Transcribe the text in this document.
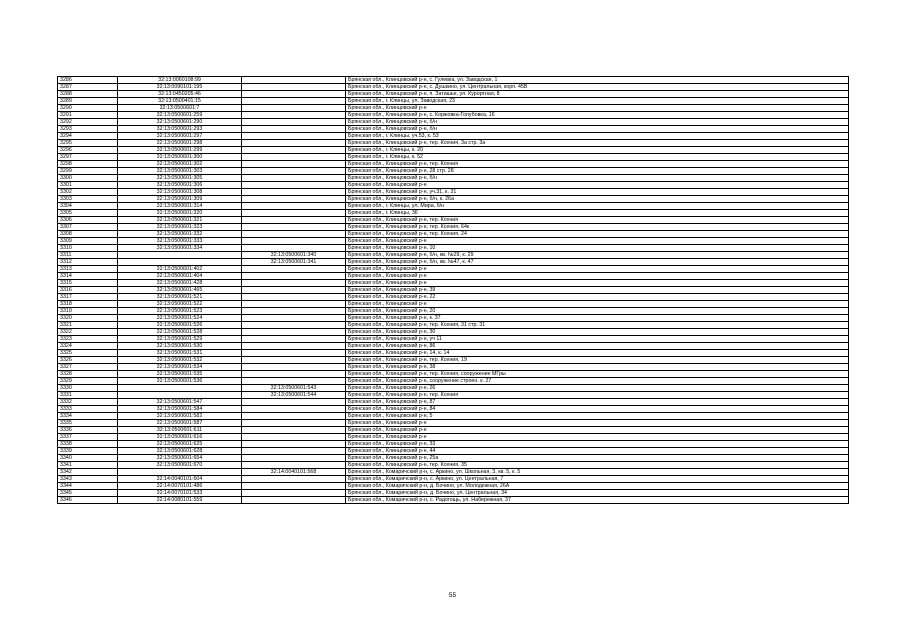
3286	32:13:0060108:99		Брянская обл., Клинцовский р-н, с. Гулевка, ул. Заводская, 1
3287	32:13:0090101:195		Брянская обл., Клинцовский р-н, с. Душкино, ул. Центральная, корп. 45В
3288	32:13:0450205:46		Брянская обл., Клинцовский р-н, п. Затишье, ул. Курортная, 8
3289	32:13:0500401:15		Брянская обл., г. Клинцы, ул. Заводская, 23
3290	32:13:0500601:7		Брянская обл., Клинцовский р-н
3291	32:13:0500601:259		Брянская обл., Клинцовский р-н, с. Коржовка-Голубовка, 16
3292	32:13:0500601:290		Брянская обл., Клинцовский р-н, б/н
3293	32:13:0500601:293		Брянская обл., Клинцовский р-н, б/н
3294	32:13:0500601:297		Брянская обл., г. Клинцы, уч.53, к. 53
3295	32:13:0500601:298		Брянская обл., Клинцовский р-н, тер. Ксения, 3а стр. 3а
3296	32:13:0500601:299		Брянская обл., г. Клинцы, к. 20
3297	32:13:0500601:300		Брянская обл., г. Клинцы, к. 52
3298	32:13:0500601:302		Брянская обл., Клинцовский р-н, тер. Ксения
3299	32:13:0500601:303		Брянская обл., Клинцовский р-н, 28 стр. 28
3300	32:13:0500601:305		Брянская обл., Клинцовский р-н, б/н
3301	32:13:0500601:306		Брянская обл., Клинцовский р-н
3302	32:13:0500601:308		Брянская обл., Клинцовский р-н, уч.31, к. 31
3303	32:13:0500601:309		Брянская обл., Клинцовский р-н, б/н, к. 26а
3304	32:13:0500601:314		Брянская обл., г. Клинцы, ул. Мира, б/н
3305	32:13:0500601:320		Брянская обл., г. Клинцы, 36
3306	32:13:0500601:321		Брянская обл., Клинцовский р-н, тер. Ксения
3307	32:13:0500601:323		Брянская обл., Клинцовский р-н, тер. Ксения, 64к
3308	32:13:0500601:332		Брянская обл., Клинцовский р-н, тер. Ксения, 24
3309	32:13:0500601:333		Брянская обл., Клинцовский р-н
3310	32:13:0500601:334		Брянская обл., Клинцовский р-н, 10
3311		32:13:0500601:340	Брянская обл., Клинцовский р-н, б/н, кв. №29, к. 29
3312		32:13:0500601:341	Брянская обл., Клинцовский р-н, б/н, кв. №47, к. 47
3313	32:13:0500601:402		Брянская обл., Клинцовский р-н
3314	32:13:0500601:404		Брянская обл., Клинцовский р-н
3315	32:13:0500601:428		Брянская обл., Клинцовский р-н
3316	32:13:0500601:465		Брянская обл., Клинцовский р-н, 39
3317	32:13:0500601:521		Брянская обл., Клинцовский р-н, 22
3318	32:13:0500601:522		Брянская обл., Клинцовский р-н
3319	32:13:0500601:523		Брянская обл., Клинцовский р-н, 20
3320	32:13:0500601:524		Брянская обл., Клинцовский р-н, к. 37
3321	32:13:0500601:526		Брянская обл., Клинцовский р-н, тер. Ксения, 31 стр. 31
3322	32:13:0500601:528		Брянская обл., Клинцовский р-н, 30
3323	32:13:0500601:529		Брянская обл., Клинцовский р-н, уч 11
3324	32:13:0500601:530		Брянская обл., Клинцовский р-н, 86
3325	32:13:0500601:531		Брянская обл., Клинцовский р-н, 14, к. 14
3326	32:13:0500601:532		Брянская обл., Клинцовский р-н, тер. Ксения, 19
3327	32:13:0500601:534		Брянская обл., Клинцовский р-н, 38
3328	32:13:0500601:535		Брянская обл., Клинцовский р-н, тер. Ксения, сооружение МГры
3329	32:13:0500601:536		Брянская обл., Клинцовский р-н, сооружение строен. к. 27
3330		32:13:0500601:543	Брянская обл., Клинцовский р-н, 26
3331		32:13:0500601:544	Брянская обл., Клинцовский р-н, тер. Ксения
3332	32:13:0500601:547		Брянская обл., Клинцовский р-н, 87
3333	32:13:0500601:584		Брянская обл., Клинцовский р-н, 84
3334	32:13:0500601:582		Брянская обл., Клинцовский р-н, 5
3335	32:13:0500601:587		Брянская обл., Клинцовский р-н
3336	32:13:0500601:611		Брянская обл., Клинцовский р-н
3337	32:13:0500601:616		Брянская обл., Клинцовский р-н
3338	32:13:0500601:625		Брянская обл., Клинцовский р-н, 33
3339	32:13:0500601:628		Брянская обл., Клинцовский р-н, 44
3340	32:13:0500601:654		Брянская обл., Клинцовский р-н, 25а
3341	32:13:0500601:670		Брянская обл., Клинцовский р-н, тер. Ксения, 35
3342		32:14:0040101:568	Брянская обл., Комаричский р-н, с. Аркино, ул. Школьная, 3, кв. 5, к. 5
3343	32:14:0040101:604		Брянская обл., Комаричский р-н, с. Аркино, ул. Центральная, 7
3344	32:14:0070101:486		Брянская обл., Комаричский р-н, д. Бочино, ул. Молодежная, 26А
3345	32:14:0070101:533		Брянская обл., Комаричский р-н, д. Бочино, ул. Центральная, 34
3346	32:14:0080101:559		Брянская обл., Комаричский р-н, с. Радогощь, ул. Набережная, 37
55
